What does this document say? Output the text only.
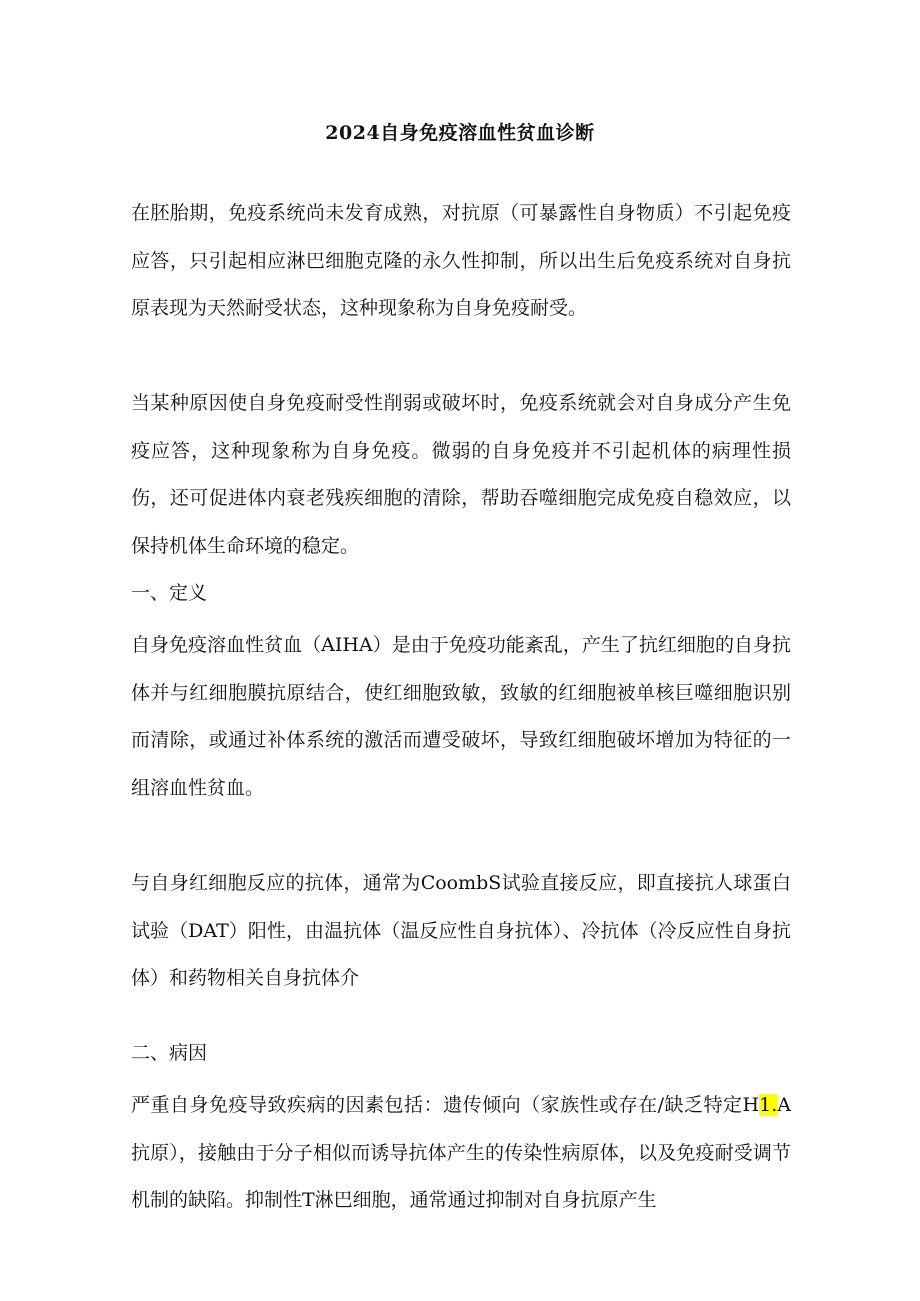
2024自身免疫溶血性贫血诊断

在胚胎期，免疫系统尚未发育成熟，对抗原（可暴露性自身物质）不引起免疫应答，只引起相应淋巴细胞克隆的永久性抑制，所以出生后免疫系统对自身抗原表现为天然耐受状态，这种现象称为自身免疫耐受。

当某种原因使自身免疫耐受性削弱或破坏时，免疫系统就会对自身成分产生免疫应答，这种现象称为自身免疫。微弱的自身免疫并不引起机体的病理性损伤，还可促进体内衰老残疾细胞的清除，帮助吞噬细胞完成免疫自稳效应，以保持机体生命环境的稳定。

一、定义

自身免疫溶血性贫血（AIHA）是由于免疫功能紊乱，产生了抗红细胞的自身抗体并与红细胞膜抗原结合，使红细胞致敏，致敏的红细胞被单核巨噬细胞识别而清除，或通过补体系统的激活而遭受破坏，导致红细胞破坏增加为特征的一组溶血性贫血。

与自身红细胞反应的抗体，通常为CoombS试验直接反应，即直接抗人球蛋白试验（DAT）阳性，由温抗体（温反应性自身抗体）、冷抗体（冷反应性自身抗体）和药物相关自身抗体介

二、病因

严重自身免疫导致疾病的因素包括：遗传倾向（家族性或存在/缺乏特定H1.A抗原），接触由于分子相似而诱导抗体产生的传染性病原体，以及免疫耐受调节机制的缺陷。抑制性T淋巴细胞，通常通过抑制对自身抗原产生
